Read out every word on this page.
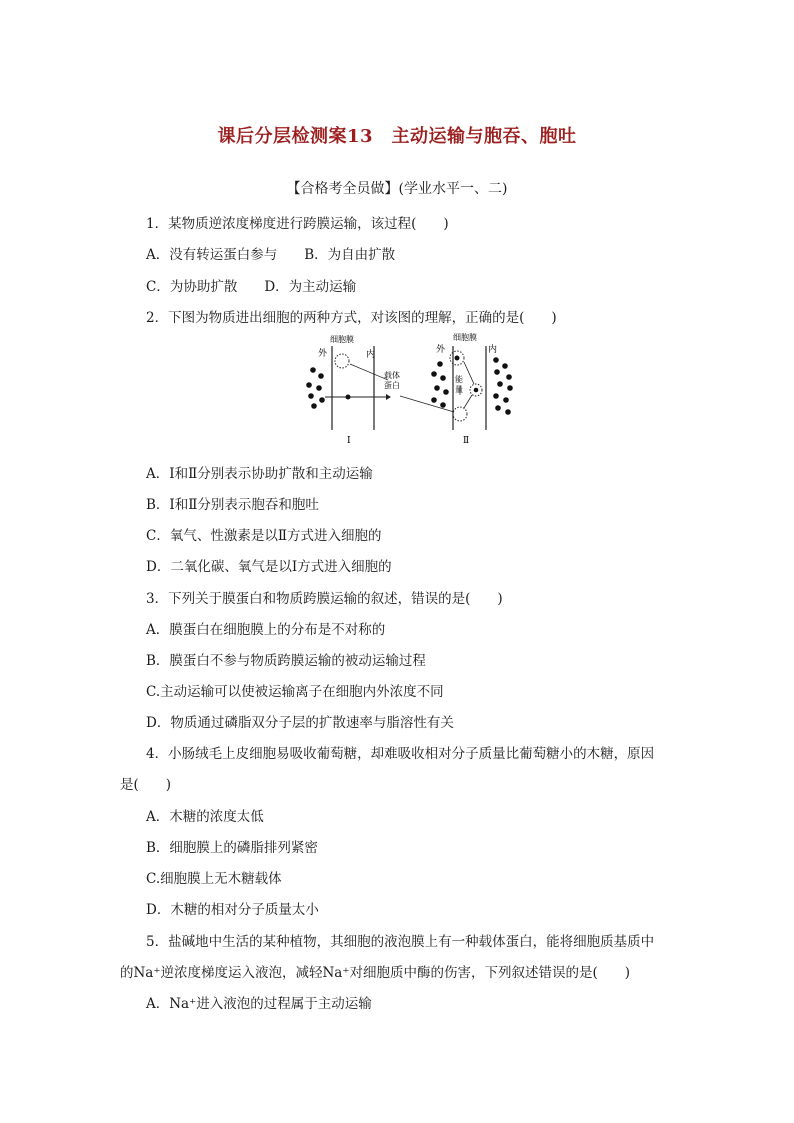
课后分层检测案13　主动运输与胞吞、胞吐
【合格考全员做】(学业水平一、二)
1．某物质逆浓度梯度进行跨膜运输，该过程(　　)
A．没有转运蛋白参与　　B．为自由扩散
C．为协助扩散　　D．为主动运输
2．下图为物质进出细胞的两种方式，对该图的理解，正确的是(　　)
细胞膜
外	内
载体
蛋白
Ⅰ
细胞膜
外	内
能
量
Ⅱ
A．Ⅰ和Ⅱ分别表示协助扩散和主动运输
B．Ⅰ和Ⅱ分别表示胞吞和胞吐
C．氧气、性激素是以Ⅱ方式进入细胞的
D．二氧化碳、氧气是以Ⅰ方式进入细胞的
3．下列关于膜蛋白和物质跨膜运输的叙述，错误的是(　　)
A．膜蛋白在细胞膜上的分布是不对称的
B．膜蛋白不参与物质跨膜运输的被动运输过程
C.主动运输可以使被运输离子在细胞内外浓度不同
D．物质通过磷脂双分子层的扩散速率与脂溶性有关
4．小肠绒毛上皮细胞易吸收葡萄糖，却难吸收相对分子质量比葡萄糖小的木糖，原因
是(　　)
A．木糖的浓度太低
B．细胞膜上的磷脂排列紧密
C.细胞膜上无木糖载体
D．木糖的相对分子质量太小
5．盐碱地中生活的某种植物，其细胞的液泡膜上有一种载体蛋白，能将细胞质基质中
的Na⁺逆浓度梯度运入液泡，减轻Na⁺对细胞质中酶的伤害，下列叙述错误的是(　　)
A．Na⁺进入液泡的过程属于主动运输
